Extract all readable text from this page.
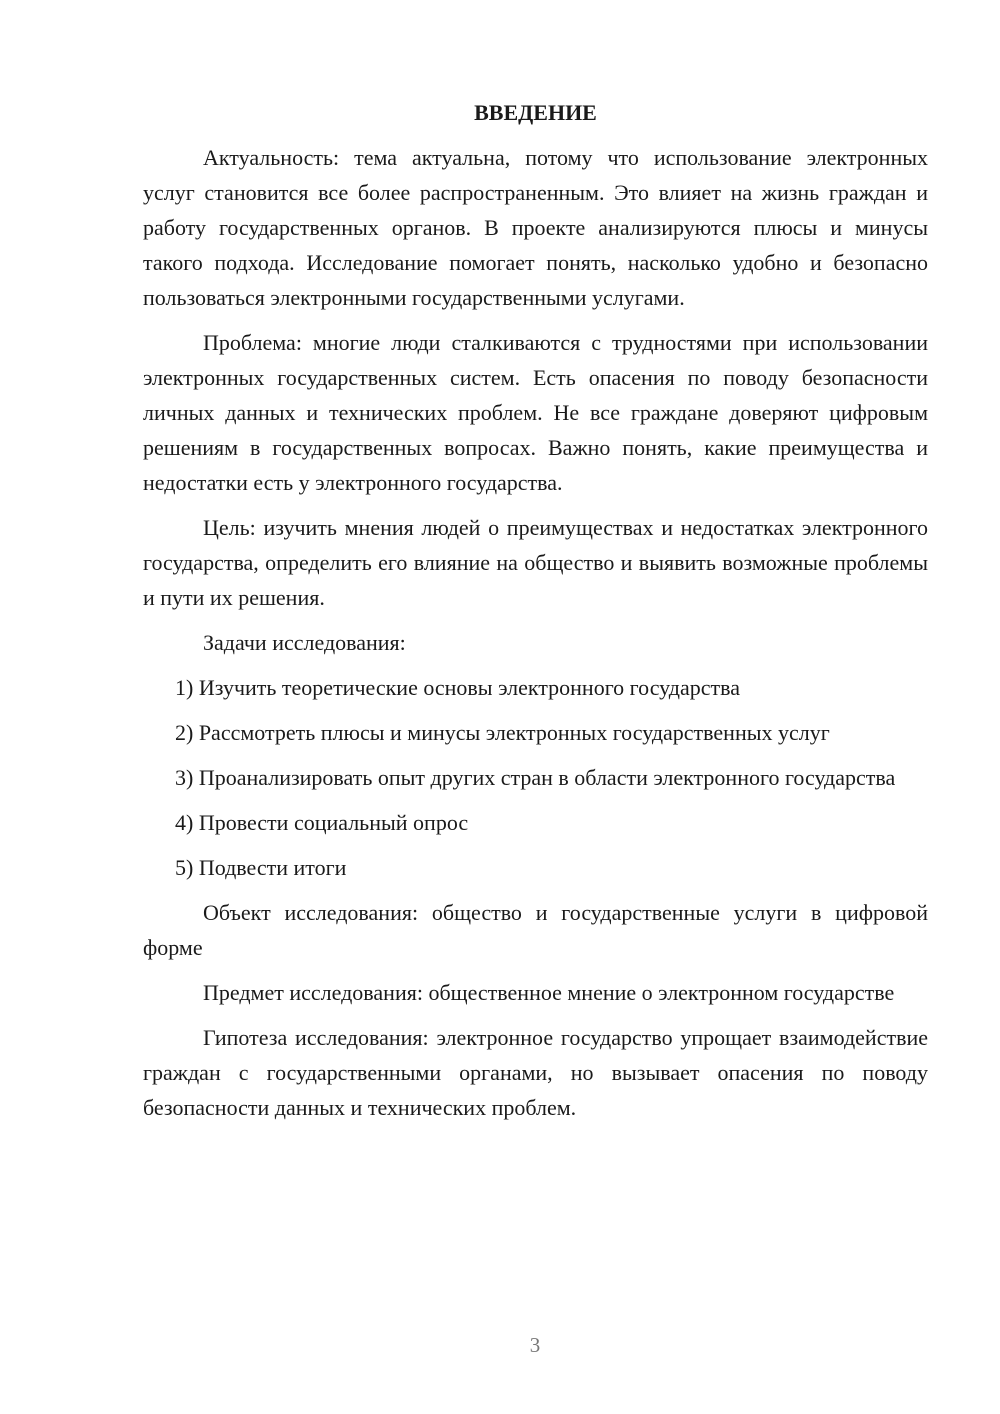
ВВЕДЕНИЕ

Актуальность: тема актуальна, потому что использование электронных услуг становится все более распространенным. Это влияет на жизнь граждан и работу государственных органов. В проекте анализируются плюсы и минусы такого подхода. Исследование помогает понять, насколько удобно и безопасно пользоваться электронными государственными услугами.

Проблема: многие люди сталкиваются с трудностями при использовании электронных государственных систем. Есть опасения по поводу безопасности личных данных и технических проблем. Не все граждане доверяют цифровым решениям в государственных вопросах. Важно понять, какие преимущества и недостатки есть у электронного государства.

Цель: изучить мнения людей о преимуществах и недостатках электронного государства, определить его влияние на общество и выявить возможные проблемы и пути их решения.

Задачи исследования:

1) Изучить теоретические основы электронного государства

2) Рассмотреть плюсы и минусы электронных государственных услуг

3) Проанализировать опыт других стран в области электронного государства

4) Провести социальный опрос

5) Подвести итоги

Объект исследования: общество и государственные услуги в цифровой форме

Предмет исследования: общественное мнение о электронном государстве

Гипотеза исследования: электронное государство упрощает взаимодействие граждан с государственными органами, но вызывает опасения по поводу безопасности данных и технических проблем.

3
